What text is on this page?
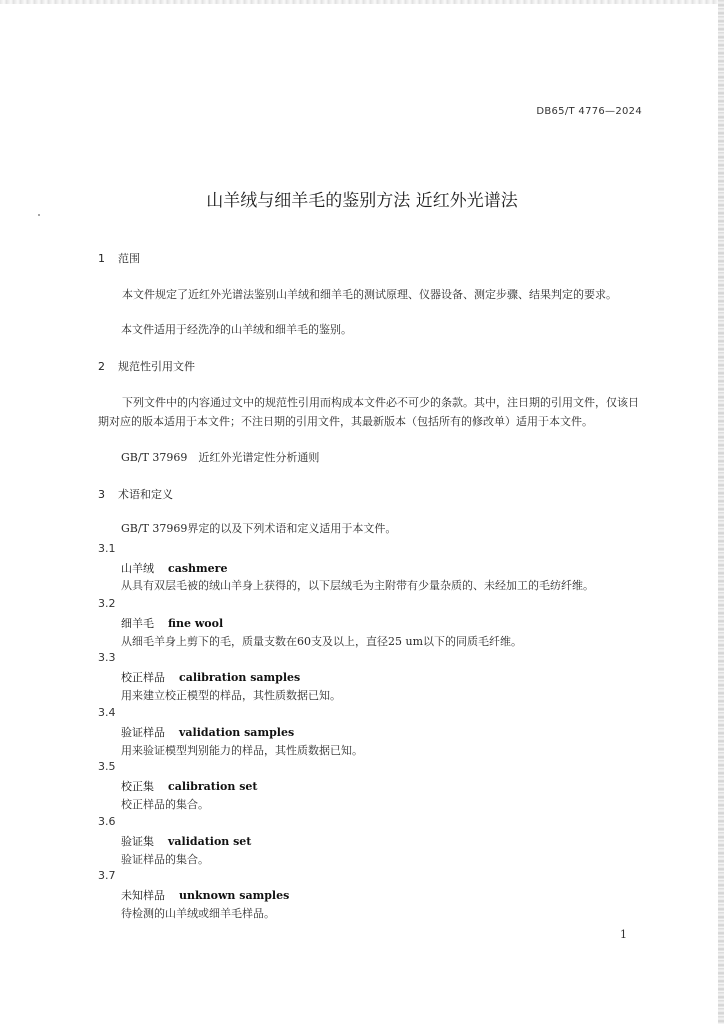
DB65/T 4776—2024
山羊绒与细羊毛的鉴别方法 近红外光谱法
1 范围
本文件规定了近红外光谱法鉴别山羊绒和细羊毛的测试原理、仪器设备、测定步骤、结果判定的要求。
本文件适用于经洗净的山羊绒和细羊毛的鉴别。
2 规范性引用文件
下列文件中的内容通过文中的规范性引用而构成本文件必不可少的条款。其中，注日期的引用文件，仅该日期对应的版本适用于本文件；不注日期的引用文件，其最新版本（包括所有的修改单）适用于本文件。
GB/T 37969　近红外光谱定性分析通则
3 术语和定义
GB/T 37969界定的以及下列术语和定义适用于本文件。
3.1
山羊绒 cashmere
从具有双层毛被的绒山羊身上获得的，以下层绒毛为主附带有少量杂质的、未经加工的毛纺纤维。
3.2
细羊毛 fine wool
从细毛羊身上剪下的毛，质量支数在60支及以上，直径25 um以下的同质毛纤维。
3.3
校正样品 calibration samples
用来建立校正模型的样品，其性质数据已知。
3.4
验证样品 validation samples
用来验证模型判别能力的样品，其性质数据已知。
3.5
校正集 calibration set
校正样品的集合。
3.6
验证集 validation set
验证样品的集合。
3.7
未知样品 unknown samples
待检测的山羊绒或细羊毛样品。
1
